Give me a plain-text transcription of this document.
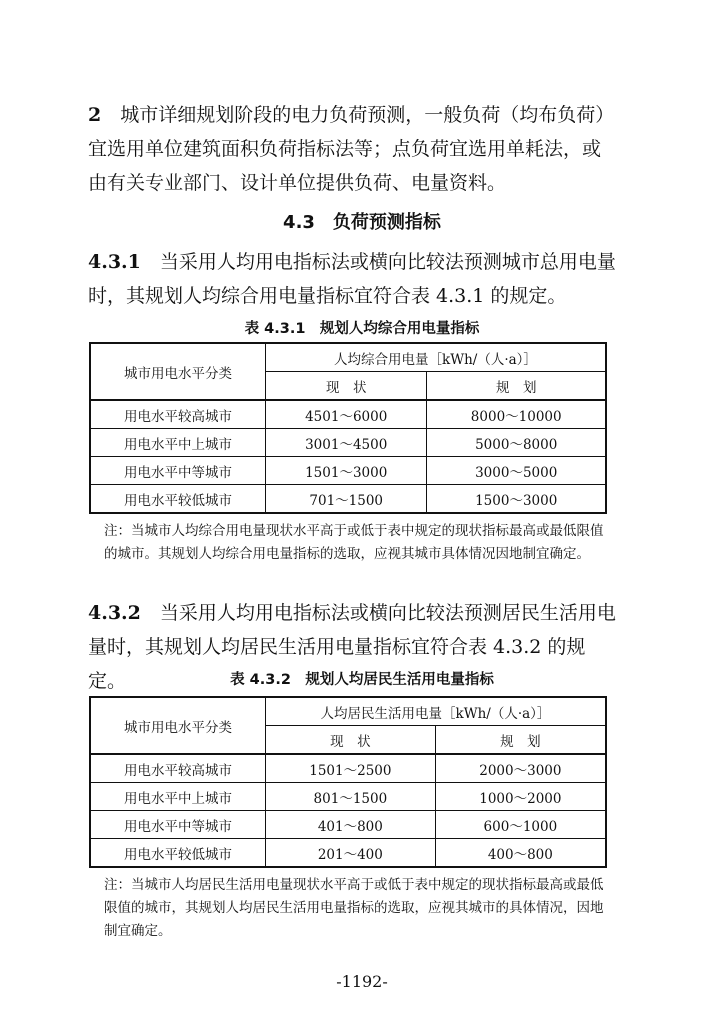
2　 城市详细规划阶段的电力负荷预测，一般负荷（均布负荷）宜选用单位建筑面积负荷指标法等；点负荷宜选用单耗法，或由有关专业部门、设计单位提供负荷、电量资料。

4.3　负荷预测指标

4.3.1　 当采用人均用电指标法或横向比较法预测城市总用电量时，其规划人均综合用电量指标宜符合表 4.3.1 的规定。

表 4.3.1　规划人均综合用电量指标
城市用电水平分类	人均综合用电量［kWh/（人·a）］	
	现　状	规　划
用电水平较高城市	4501～6000	8000～10000
用电水平中上城市	3001～4500	5000～8000
用电水平中等城市	1501～3000	3000～5000
用电水平较低城市	701～1500	1500～3000

注：当城市人均综合用电量现状水平高于或低于表中规定的现状指标最高或最低限值的城市。其规划人均综合用电量指标的选取，应视其城市具体情况因地制宜确定。

4.3.2　 当采用人均用电指标法或横向比较法预测居民生活用电量时，其规划人均居民生活用电量指标宜符合表 4.3.2 的规定。	表 4.3.2　规划人均居民生活用电量指标
城市用电水平分类	人均居民生活用电量［kWh/（人·a）］	
	现　状	规　划
用电水平较高城市	1501～2500	2000～3000
用电水平中上城市	801～1500	1000～2000
用电水平中等城市	401～800	600～1000
用电水平较低城市	201～400	400～800

注：当城市人均居民生活用电量现状水平高于或低于表中规定的现状指标最高或最低限值的城市，其规划人均居民生活用电量指标的选取，应视其城市的具体情况，因地制宜确定。

-1192-
